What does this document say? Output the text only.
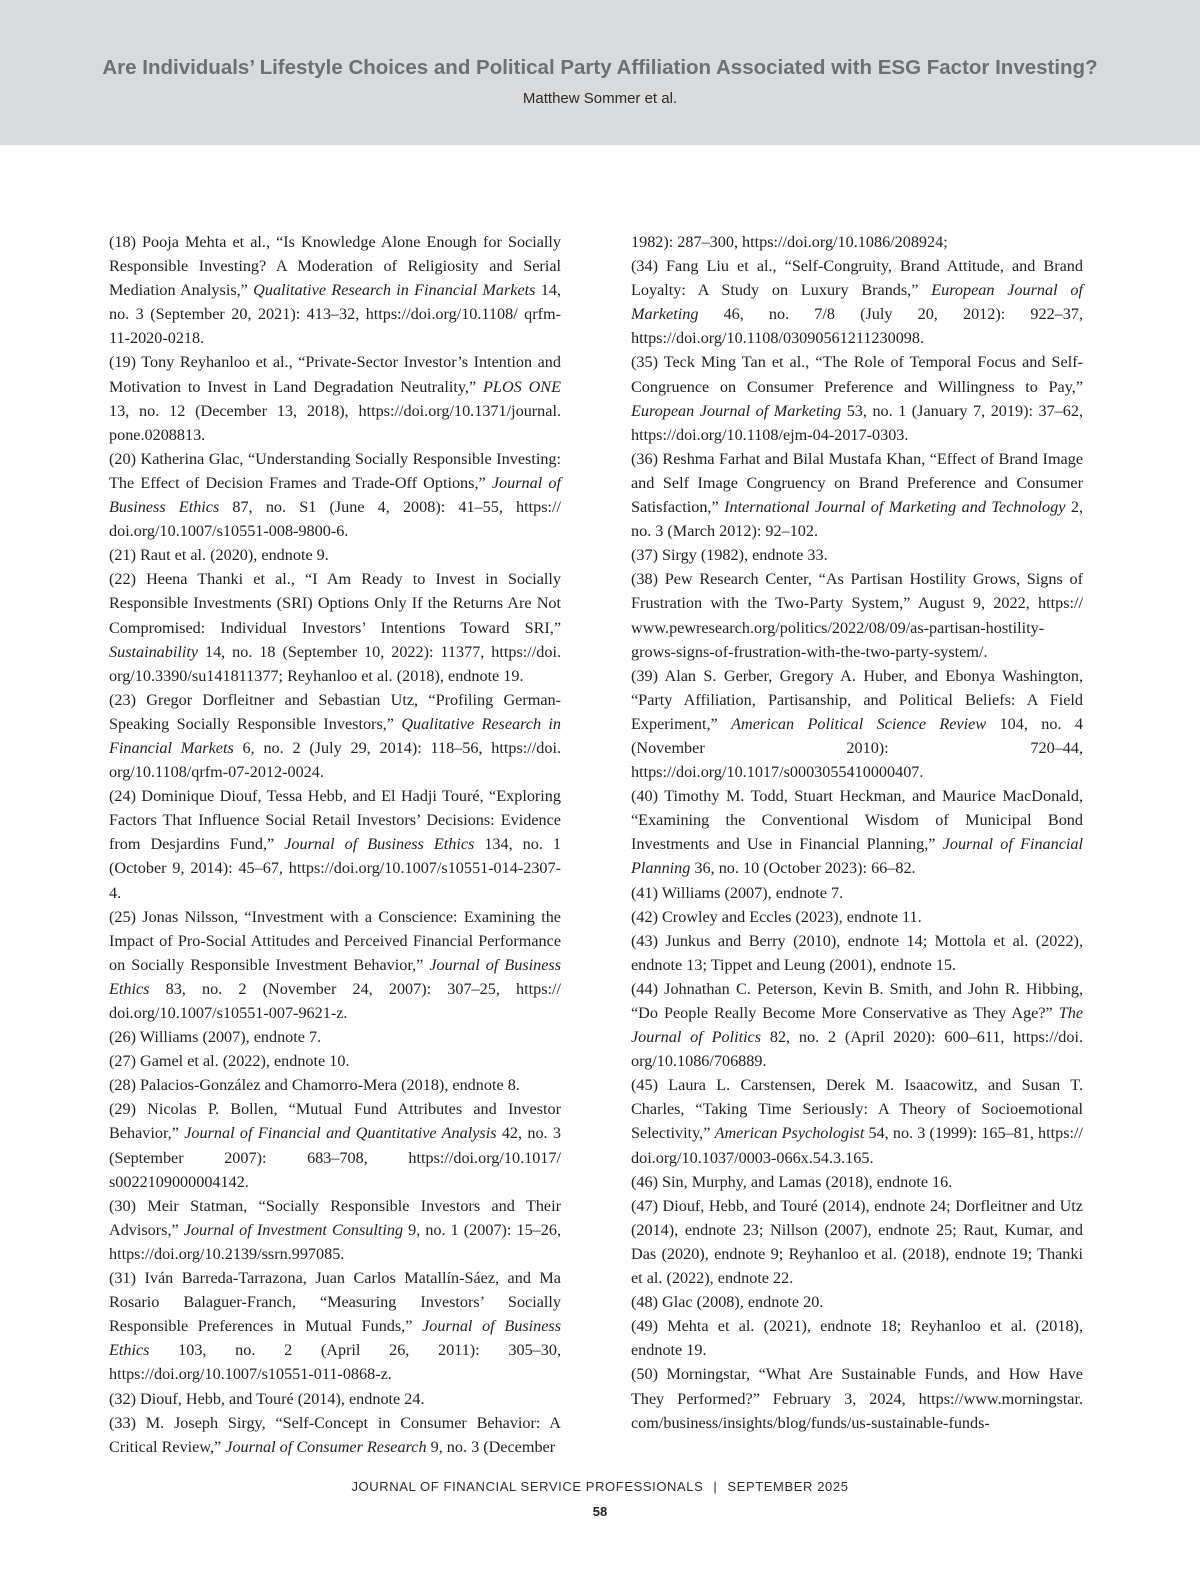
Are Individuals’ Lifestyle Choices and Political Party Affiliation Associated with ESG Factor Investing?
Matthew Sommer et al.

(18) Pooja Mehta et al., “Is Knowledge Alone Enough for Socially Responsible Investing? A Moderation of Religiosity and Serial Mediation Analysis,” Qualitative Research in Financial Markets 14, no. 3 (September 20, 2021): 413–32, https://doi.org/10.1108/ qrfm-11-2020-0218.

(19) Tony Reyhanloo et al., “Private-Sector Investor’s Intention and Motivation to Invest in Land Degradation Neutrality,” PLOS ONE 13, no. 12 (December 13, 2018), https://doi.org/10.1371/journal. pone.0208813.

(20) Katherina Glac, “Understanding Socially Responsible Investing: The Effect of Decision Frames and Trade-Off Options,” Journal of Business Ethics 87, no. S1 (June 4, 2008): 41–55, https:// doi.org/10.1007/s10551-008-9800-6.

(21) Raut et al. (2020), endnote 9.

(22) Heena Thanki et al., “I Am Ready to Invest in Socially Responsible Investments (SRI) Options Only If the Returns Are Not Compromised: Individual Investors’ Intentions Toward SRI,” Sustainability 14, no. 18 (September 10, 2022): 11377, https://doi. org/10.3390/su141811377; Reyhanloo et al. (2018), endnote 19.

(23) Gregor Dorfleitner and Sebastian Utz, “Profiling German-Speaking Socially Responsible Investors,” Qualitative Research in Financial Markets 6, no. 2 (July 29, 2014): 118–56, https://doi. org/10.1108/qrfm-07-2012-0024.

(24) Dominique Diouf, Tessa Hebb, and El Hadji Touré, “Exploring Factors That Influence Social Retail Investors’ Decisions: Evidence from Desjardins Fund,” Journal of Business Ethics 134, no. 1 (October 9, 2014): 45–67, https://doi.org/10.1007/s10551-014-2307-4.

(25) Jonas Nilsson, “Investment with a Conscience: Examining the Impact of Pro-Social Attitudes and Perceived Financial Performance on Socially Responsible Investment Behavior,” Journal of Business Ethics 83, no. 2 (November 24, 2007): 307–25, https:// doi.org/10.1007/s10551-007-9621-z.

(26) Williams (2007), endnote 7.

(27) Gamel et al. (2022), endnote 10.

(28) Palacios-González and Chamorro-Mera (2018), endnote 8.

(29) Nicolas P. Bollen, “Mutual Fund Attributes and Investor Behavior,” Journal of Financial and Quantitative Analysis 42, no. 3 (September 2007): 683–708, https://doi.org/10.1017/ s0022109000004142.

(30) Meir Statman, “Socially Responsible Investors and Their Advisors,” Journal of Investment Consulting 9, no. 1 (2007): 15–26, https://doi.org/10.2139/ssrn.997085.

(31) Iván Barreda-Tarrazona, Juan Carlos Matallín-Sáez, and Ma Rosario Balaguer-Franch, “Measuring Investors’ Socially Responsible Preferences in Mutual Funds,” Journal of Business Ethics 103, no. 2 (April 26, 2011): 305–30, https://doi.org/10.1007/s10551-011-0868-z.

(32) Diouf, Hebb, and Touré (2014), endnote 24.

(33) M. Joseph Sirgy, “Self-Concept in Consumer Behavior: A Critical Review,” Journal of Consumer Research 9, no. 3 (December

1982): 287–300, https://doi.org/10.1086/208924;

(34) Fang Liu et al., “Self-Congruity, Brand Attitude, and Brand Loyalty: A Study on Luxury Brands,” European Journal of Marketing 46, no. 7/8 (July 20, 2012): 922–37, https://doi.org/10.1108/03090561211230098.

(35) Teck Ming Tan et al., “The Role of Temporal Focus and Self-Congruence on Consumer Preference and Willingness to Pay,” European Journal of Marketing 53, no. 1 (January 7, 2019): 37–62, https://doi.org/10.1108/ejm-04-2017-0303.

(36) Reshma Farhat and Bilal Mustafa Khan, “Effect of Brand Image and Self Image Congruency on Brand Preference and Consumer Satisfaction,” International Journal of Marketing and Technology 2, no. 3 (March 2012): 92–102.

(37) Sirgy (1982), endnote 33.

(38) Pew Research Center, “As Partisan Hostility Grows, Signs of Frustration with the Two-Party System,” August 9, 2022, https:// www.pewresearch.org/politics/2022/08/09/as-partisan-hostility-grows-signs-of-frustration-with-the-two-party-system/.

(39) Alan S. Gerber, Gregory A. Huber, and Ebonya Washington, “Party Affiliation, Partisanship, and Political Beliefs: A Field Experiment,” American Political Science Review 104, no. 4 (November 2010): 720–44, https://doi.org/10.1017/s0003055410000407.

(40) Timothy M. Todd, Stuart Heckman, and Maurice MacDonald, “Examining the Conventional Wisdom of Municipal Bond Investments and Use in Financial Planning,” Journal of Financial Planning 36, no. 10 (October 2023): 66–82.

(41) Williams (2007), endnote 7.

(42) Crowley and Eccles (2023), endnote 11.

(43) Junkus and Berry (2010), endnote 14; Mottola et al. (2022), endnote 13; Tippet and Leung (2001), endnote 15.

(44) Johnathan C. Peterson, Kevin B. Smith, and John R. Hibbing, “Do People Really Become More Conservative as They Age?” The Journal of Politics 82, no. 2 (April 2020): 600–611, https://doi. org/10.1086/706889.

(45) Laura L. Carstensen, Derek M. Isaacowitz, and Susan T. Charles, “Taking Time Seriously: A Theory of Socioemotional Selectivity,” American Psychologist 54, no. 3 (1999): 165–81, https:// doi.org/10.1037/0003-066x.54.3.165.

(46) Sin, Murphy, and Lamas (2018), endnote 16.

(47) Diouf, Hebb, and Touré (2014), endnote 24; Dorfleitner and Utz (2014), endnote 23; Nillson (2007), endnote 25; Raut, Kumar, and Das (2020), endnote 9; Reyhanloo et al. (2018), endnote 19; Thanki et al. (2022), endnote 22.

(48) Glac (2008), endnote 20.

(49) Mehta et al. (2021), endnote 18; Reyhanloo et al. (2018), endnote 19.

(50) Morningstar, “What Are Sustainable Funds, and How Have They Performed?” February 3, 2024, https://www.morningstar. com/business/insights/blog/funds/us-sustainable-funds-

JOURNAL OF FINANCIAL SERVICE PROFESSIONALS | SEPTEMBER 2025
58
